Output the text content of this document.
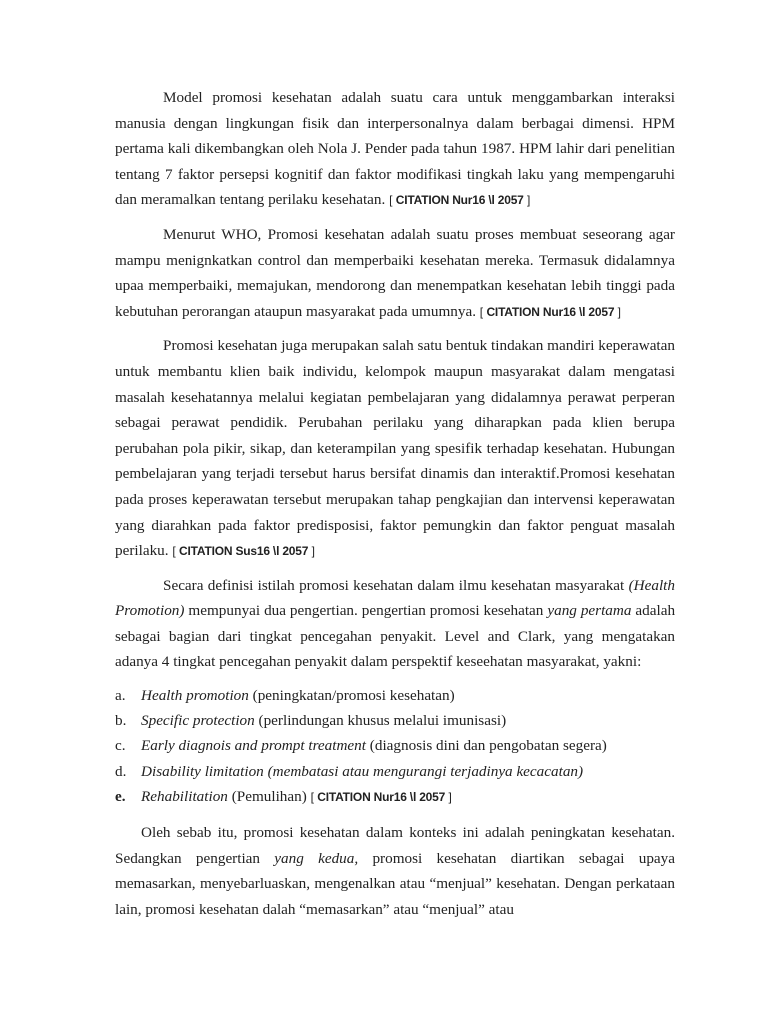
Model promosi kesehatan adalah suatu cara untuk menggambarkan interaksi manusia dengan lingkungan fisik dan interpersonalnya dalam berbagai dimensi. HPM pertama kali dikembangkan oleh Nola J. Pender pada tahun 1987. HPM lahir dari penelitian tentang 7 faktor persepsi kognitif dan faktor modifikasi tingkah laku yang mempengaruhi dan meramalkan tentang perilaku kesehatan. [ CITATION Nur16 \l 2057 ]

Menurut WHO, Promosi kesehatan adalah suatu proses membuat seseorang agar mampu menignkatkan control dan memperbaiki kesehatan mereka. Termasuk didalamnya upaa memperbaiki, memajukan, mendorong dan menempatkan kesehatan lebih tinggi pada kebutuhan perorangan ataupun masyarakat pada umumnya. [ CITATION Nur16 \l 2057 ]

Promosi kesehatan juga merupakan salah satu bentuk tindakan mandiri keperawatan untuk membantu klien baik individu, kelompok maupun masyarakat dalam mengatasi masalah kesehatannya melalui kegiatan pembelajaran yang didalamnya perawat perperan sebagai perawat pendidik. Perubahan perilaku yang diharapkan pada klien berupa perubahan pola pikir, sikap, dan keterampilan yang spesifik terhadap kesehatan. Hubungan pembelajaran yang terjadi tersebut harus bersifat dinamis dan interaktif.Promosi kesehatan pada proses keperawatan tersebut merupakan tahap pengkajian dan intervensi keperawatan yang diarahkan pada faktor predisposisi, faktor pemungkin dan faktor penguat masalah perilaku. [ CITATION Sus16 \l 2057 ]

Secara definisi istilah promosi kesehatan dalam ilmu kesehatan masyarakat (Health Promotion) mempunyai dua pengertian. pengertian promosi kesehatan yang pertama adalah sebagai bagian dari tingkat pencegahan penyakit. Level and Clark, yang mengatakan adanya 4 tingkat pencegahan penyakit dalam perspektif keseehatan masyarakat, yakni:

a. Health promotion (peningkatan/promosi kesehatan)
b. Specific protection (perlindungan khusus melalui imunisasi)
c. Early diagnois and prompt treatment (diagnosis dini dan pengobatan segera)
d. Disability limitation (membatasi atau mengurangi terjadinya kecacatan)
e. Rehabilitation (Pemulihan) [ CITATION Nur16 \l 2057 ]

Oleh sebab itu, promosi kesehatan dalam konteks ini adalah peningkatan kesehatan. Sedangkan pengertian yang kedua, promosi kesehatan diartikan sebagai upaya memasarkan, menyebarluaskan, mengenalkan atau “menjual” kesehatan. Dengan perkataan lain, promosi kesehatan dalah “memasarkan” atau “menjual” atau
